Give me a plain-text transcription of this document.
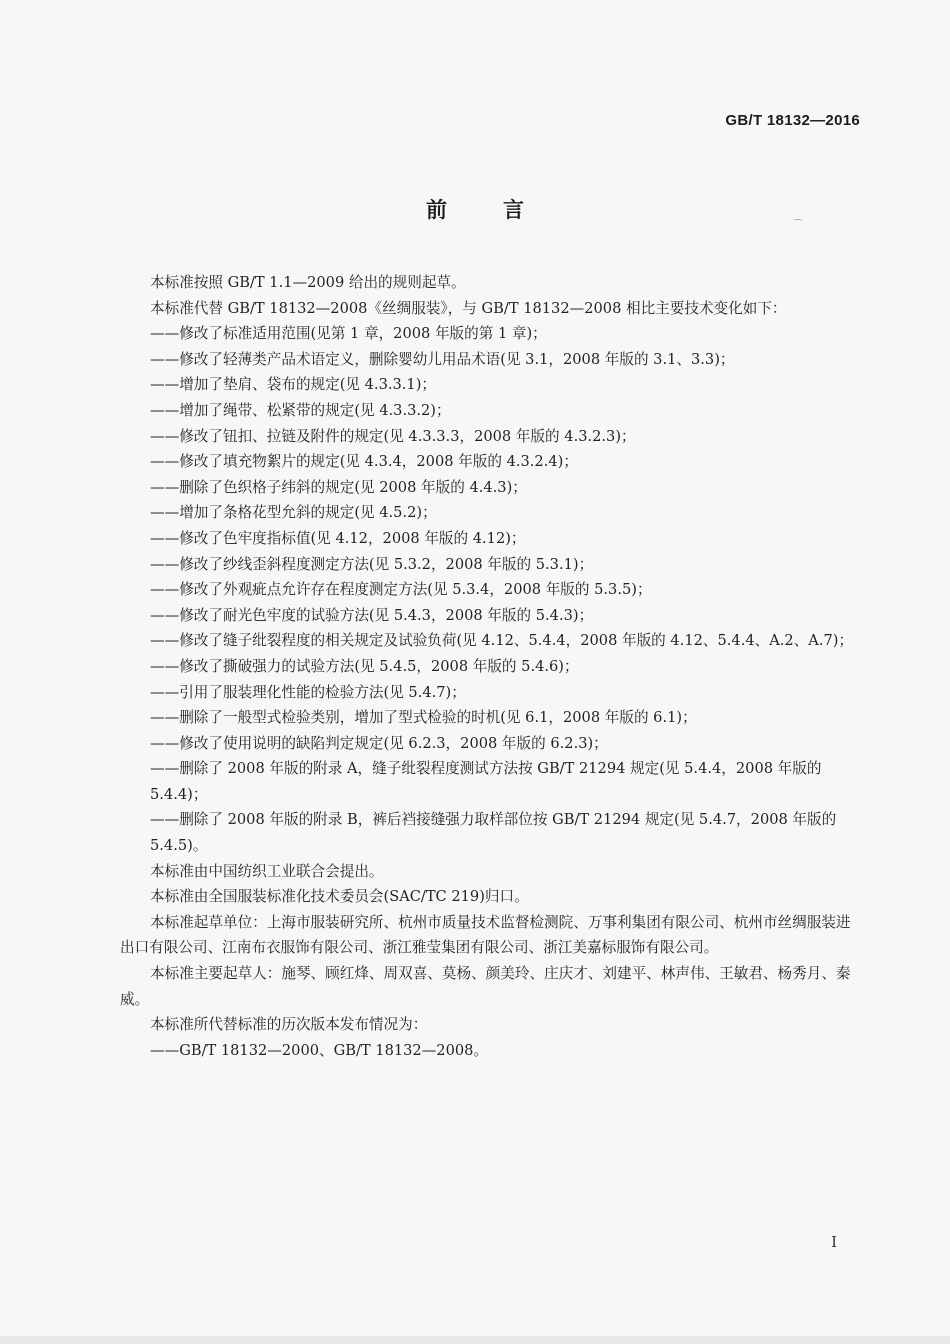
GB/T 18132—2016
前言
⌒

本标准按照 GB/T 1.1—2009 给出的规则起草。

本标准代替 GB/T 18132—2008《丝绸服装》，与 GB/T 18132—2008 相比主要技术变化如下：

——修改了标准适用范围(见第 1 章，2008 年版的第 1 章)；

——修改了轻薄类产品术语定义，删除婴幼儿用品术语(见 3.1，2008 年版的 3.1、3.3)；

——增加了垫肩、袋布的规定(见 4.3.3.1)；

——增加了绳带、松紧带的规定(见 4.3.3.2)；

——修改了钮扣、拉链及附件的规定(见 4.3.3.3，2008 年版的 4.3.2.3)；

——修改了填充物絮片的规定(见 4.3.4，2008 年版的 4.3.2.4)；

——删除了色织格子纬斜的规定(见 2008 年版的 4.4.3)；

——增加了条格花型允斜的规定(见 4.5.2)；

——修改了色牢度指标值(见 4.12，2008 年版的 4.12)；

——修改了纱线歪斜程度测定方法(见 5.3.2，2008 年版的 5.3.1)；

——修改了外观疵点允许存在程度测定方法(见 5.3.4，2008 年版的 5.3.5)；

——修改了耐光色牢度的试验方法(见 5.4.3，2008 年版的 5.4.3)；

——修改了缝子纰裂程度的相关规定及试验负荷(见 4.12、5.4.4，2008 年版的 4.12、5.4.4、A.2、A.7)；

——修改了撕破强力的试验方法(见 5.4.5，2008 年版的 5.4.6)；

——引用了服装理化性能的检验方法(见 5.4.7)；

——删除了一般型式检验类别，增加了型式检验的时机(见 6.1，2008 年版的 6.1)；

——修改了使用说明的缺陷判定规定(见 6.2.3，2008 年版的 6.2.3)；

——删除了 2008 年版的附录 A，缝子纰裂程度测试方法按 GB/T 21294 规定(见 5.4.4，2008 年版的 5.4.4)；

——删除了 2008 年版的附录 B，裤后裆接缝强力取样部位按 GB/T 21294 规定(见 5.4.7，2008 年版的 5.4.5)。

本标准由中国纺织工业联合会提出。

本标准由全国服装标准化技术委员会(SAC/TC 219)归口。

本标准起草单位：上海市服装研究所、杭州市质量技术监督检测院、万事利集团有限公司、杭州市丝绸服装进出口有限公司、江南布衣服饰有限公司、浙江雅莹集团有限公司、浙江美嘉标服饰有限公司。

本标准主要起草人：施琴、顾红烽、周双喜、莫杨、颜美玲、庄庆才、刘建平、林声伟、王敏君、杨秀月、秦威。

本标准所代替标准的历次版本发布情况为：

——GB/T 18132—2000、GB/T 18132—2008。

I
